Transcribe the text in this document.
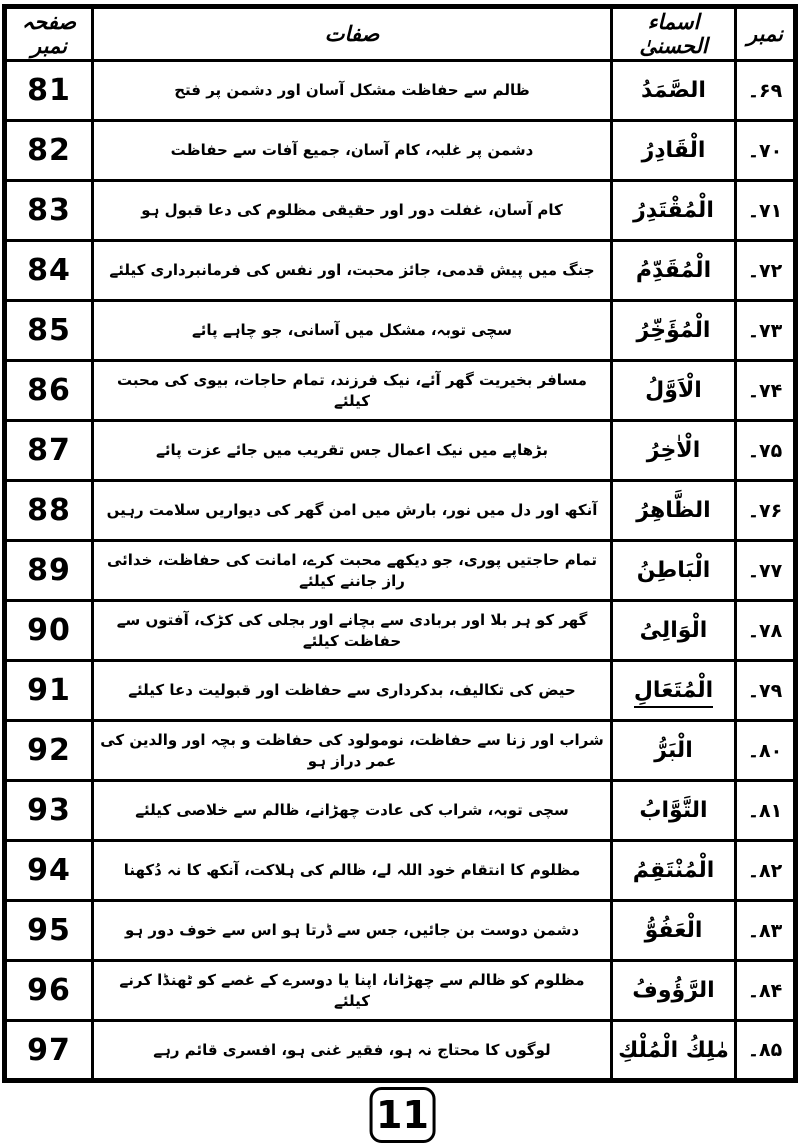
نمبر	اسماء الحسنیٰ	صفات	صفحہ نمبر
۶۹۔	الصَّمَدُ	ظالم سے حفاظت مشکل آسان اور دشمن پر فتح	81
۷۰۔	الْقَادِرُ	دشمن پر غلبہ، کام آسان، جمیع آفات سے حفاظت	82
۷۱۔	الْمُقْتَدِرُ	کام آسان، غفلت دور اور حقیقی مظلوم کی دعا قبول ہو	83
۷۲۔	الْمُقَدِّمُ	جنگ میں پیش قدمی، جائز محبت، اور نفس کی فرمانبرداری کیلئے	84
۷۳۔	الْمُؤَخِّرُ	سچی توبہ، مشکل میں آسانی، جو چاہے پائے	85
۷۴۔	الْاَوَّلُ	مسافر بخیریت گھر آئے، نیک فرزند، تمام حاجات، بیوی کی محبت کیلئے	86
۷۵۔	الْاٰخِرُ	بڑھاپے میں نیک اعمال جس تقریب میں جائے عزت پائے	87
۷۶۔	الظَّاهِرُ	آنکھ اور دل میں نور، بارش میں امن گھر کی دیواریں سلامت رہیں	88
۷۷۔	الْبَاطِنُ	تمام حاجتیں پوری، جو دیکھے محبت کرے، امانت کی حفاظت، خدائی راز جاننے کیلئے	89
۷۸۔	الْوَالِیُ	گھر کو ہر بلا اور بربادی سے بچانے اور بجلی کی کڑک، آفتوں سے حفاظت کیلئے	90
۷۹۔	الْمُتَعَالِ	حیض کی تکالیف، بدکرداری سے حفاظت اور قبولیت دعا کیلئے	91
۸۰۔	الْبَرُّ	شراب اور زنا سے حفاظت، نومولود کی حفاظت و بچہ اور والدین کی عمر دراز ہو	92
۸۱۔	التَّوَّابُ	سچی توبہ، شراب کی عادت چھڑانے، ظالم سے خلاصی کیلئے	93
۸۲۔	الْمُنْتَقِمُ	مظلوم کا انتقام خود اللہ لے، ظالم کی ہلاکت، آنکھ کا نہ دُکھنا	94
۸۳۔	الْعَفُوُّ	دشمن دوست بن جائیں، جس سے ڈرتا ہو اس سے خوف دور ہو	95
۸۴۔	الرَّؤُوفُ	مظلوم کو ظالم سے چھڑانا، اپنا یا دوسرے کے غصے کو ٹھنڈا کرنے کیلئے	96
۸۵۔	مٰلِكُ الْمُلْكِ	لوگوں کا محتاج نہ ہو، فقیر غنی ہو، افسری قائم رہے	97
11
